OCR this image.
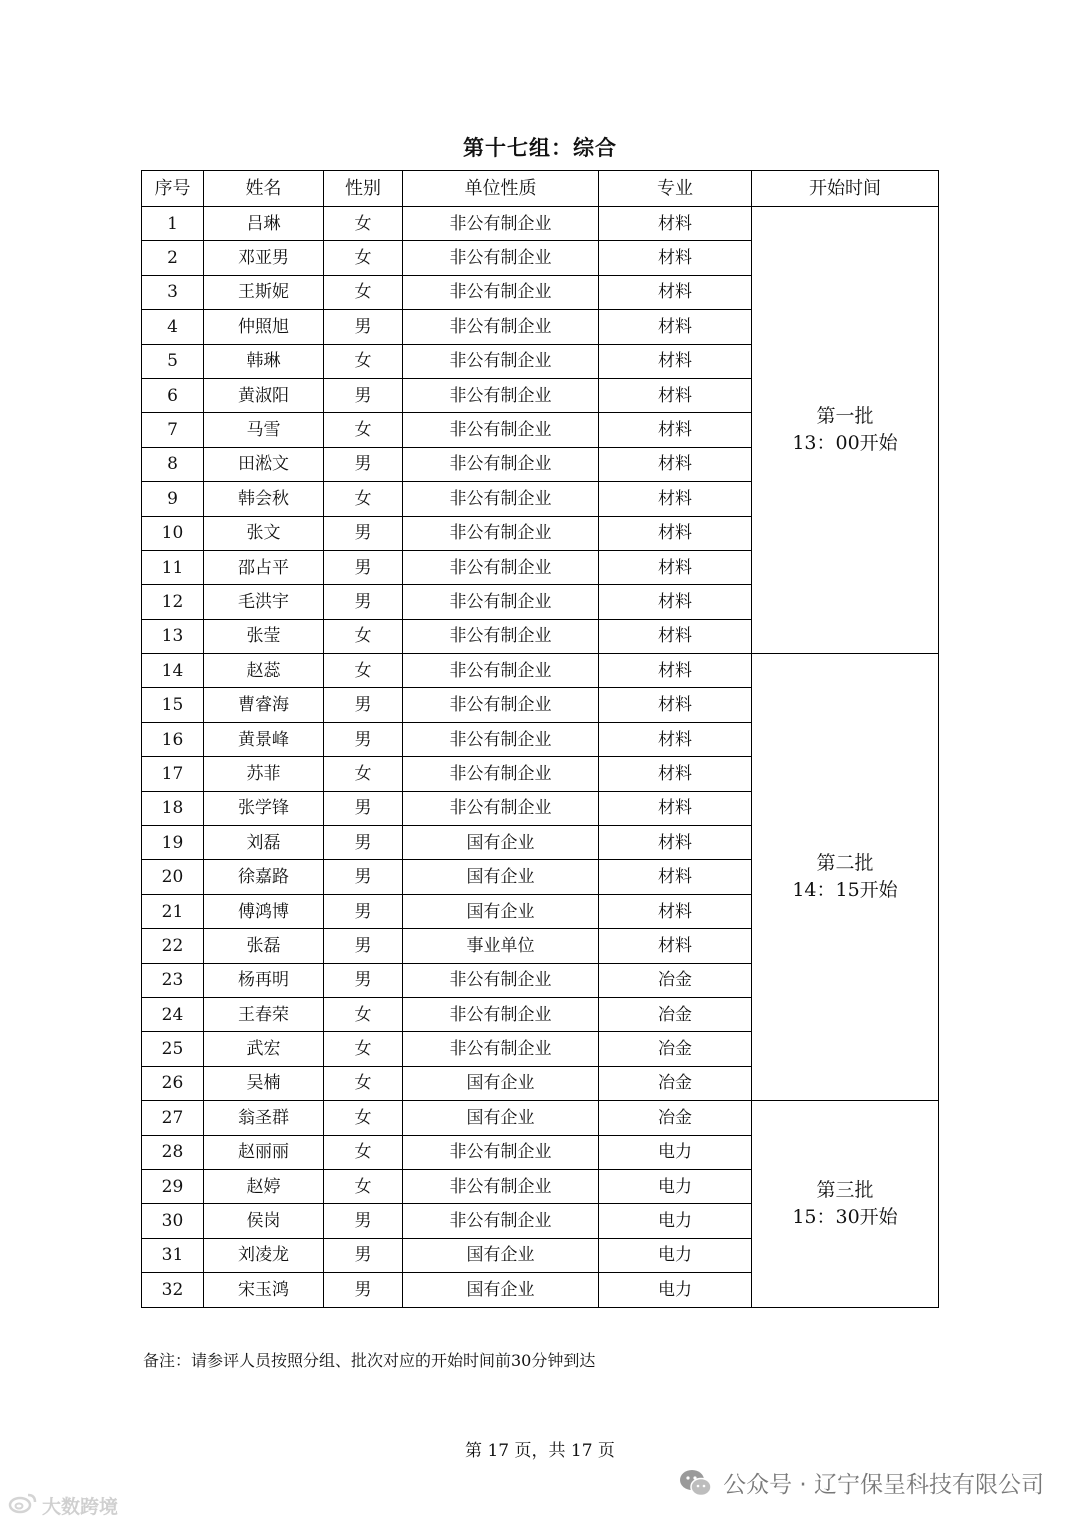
第十七组：综合
序号	姓名	性别	单位性质	专业	开始时间
1	吕琳	女	非公有制企业	材料	第一批
13：00开始

2	邓亚男	女	非公有制企业	材料	
3	王斯妮	女	非公有制企业	材料	
4	仲照旭	男	非公有制企业	材料	
5	韩琳	女	非公有制企业	材料	
6	黄淑阳	男	非公有制企业	材料	
7	马雪	女	非公有制企业	材料	
8	田淞文	男	非公有制企业	材料	
9	韩会秋	女	非公有制企业	材料	
10	张文	男	非公有制企业	材料	
11	邵占平	男	非公有制企业	材料	
12	毛洪宇	男	非公有制企业	材料	
13	张莹	女	非公有制企业	材料	
14	赵蕊	女	非公有制企业	材料	第二批
14：15开始

15	曹睿海	男	非公有制企业	材料	
16	黄景峰	男	非公有制企业	材料	
17	苏菲	女	非公有制企业	材料	
18	张学锋	男	非公有制企业	材料	
19	刘磊	男	国有企业	材料	
20	徐嘉路	男	国有企业	材料	
21	傅鸿博	男	国有企业	材料	
22	张磊	男	事业单位	材料	
23	杨再明	男	非公有制企业	冶金	
24	王春荣	女	非公有制企业	冶金	
25	武宏	女	非公有制企业	冶金	
26	吴楠	女	国有企业	冶金	
27	翁圣群	女	国有企业	冶金	第三批
15：30开始

28	赵丽丽	女	非公有制企业	电力	
29	赵婷	女	非公有制企业	电力	
30	侯岗	男	非公有制企业	电力	
31	刘凌龙	男	国有企业	电力	
32	宋玉鸿	男	国有企业	电力	
备注：请参评人员按照分组、批次对应的开始时间前30分钟到达
第 17 页，共 17 页
公众号 · 辽宁保呈科技有限公司
大数跨境
